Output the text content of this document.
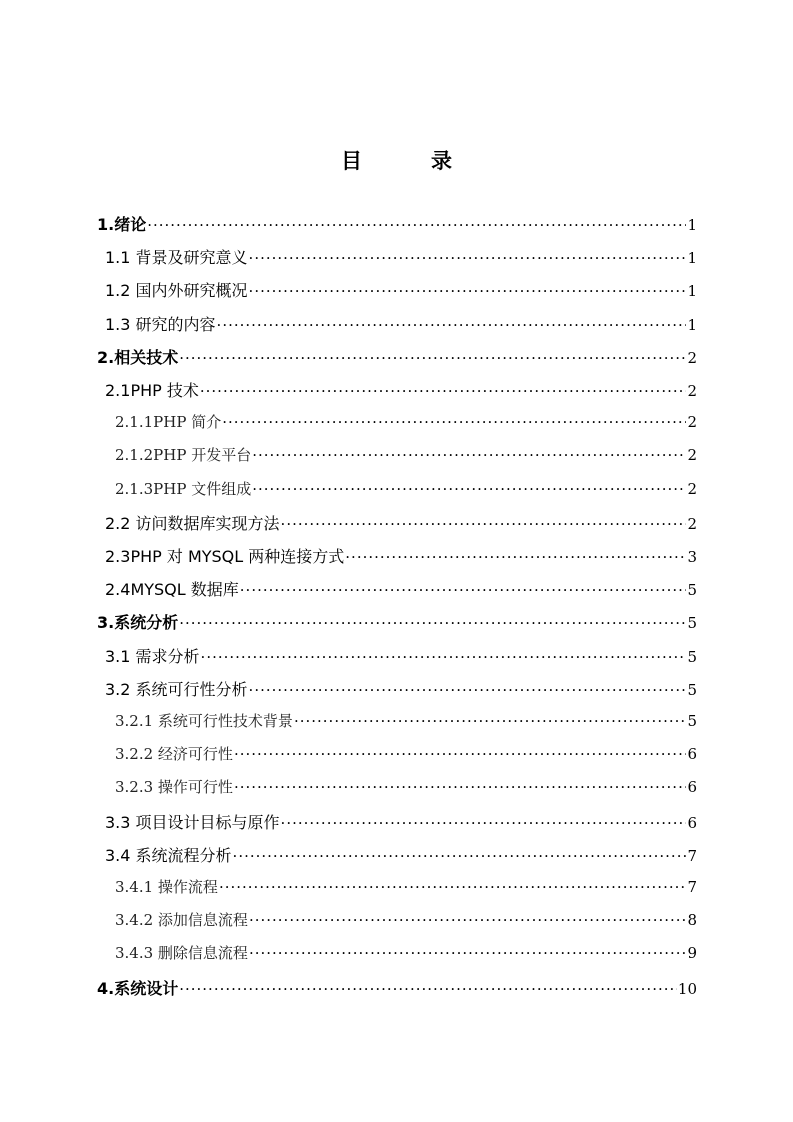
目　录
1.绪论 ·····	1
1.1 背景及研究意义 ·····	1
1.2 国内外研究概况 ·····	1
1.3 研究的内容 ·····	1
2.相关技术 ·····	2
2.1PHP 技术 ·····	2
2.1.1PHP 简介 ·····	2
2.1.2PHP 开发平台 ·····	2
2.1.3PHP 文件组成 ·····	2
2.2 访问数据库实现方法 ·····	2
2.3PHP 对 MYSQL 两种连接方式 ·····	3
2.4MYSQL 数据库 ·····	5
3.系统分析 ·····	5
3.1 需求分析 ·····	5
3.2 系统可行性分析 ·····	5
3.2.1 系统可行性技术背景 ·····	5
3.2.2 经济可行性 ·····	6
3.2.3 操作可行性 ·····	6
3.3 项目设计目标与原作 ·····	6
3.4 系统流程分析 ·····	7
3.4.1 操作流程 ·····	7
3.4.2 添加信息流程 ·····	8
3.4.3 删除信息流程 ·····	9
4.系统设计 ·····	10
